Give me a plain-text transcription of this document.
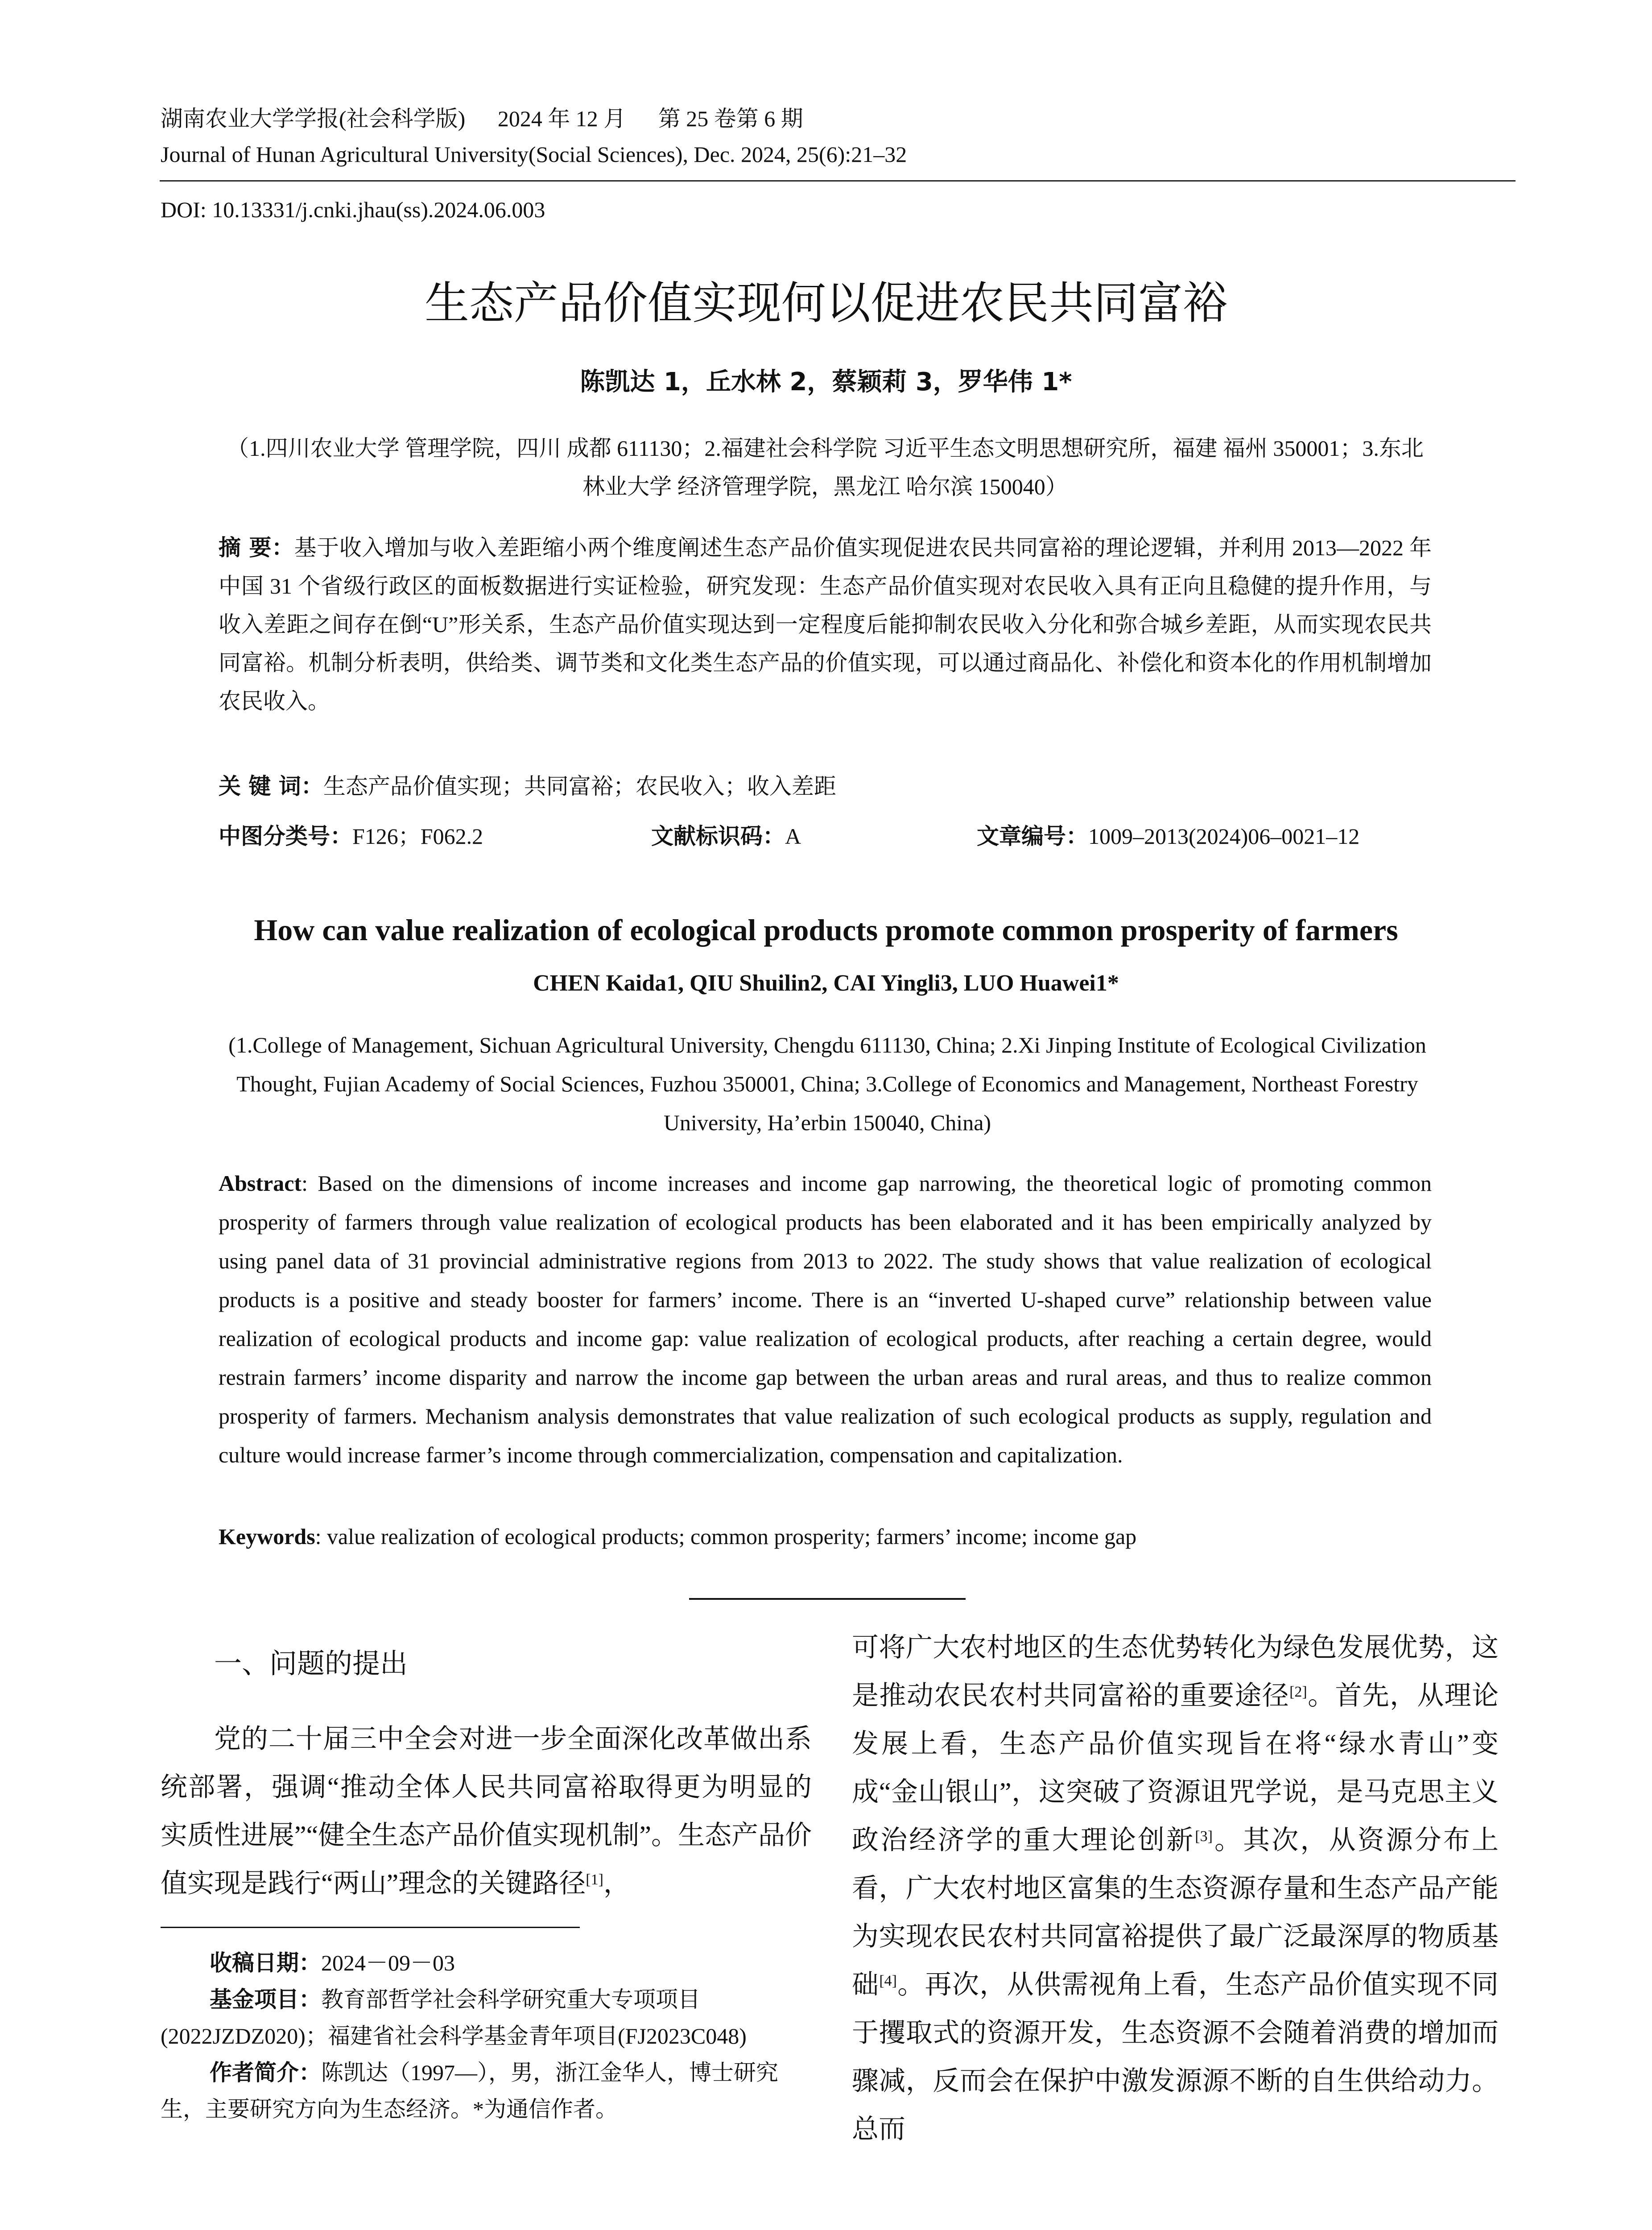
湖南农业大学学报(社会科学版) 2024 年 12 月 第 25 卷第 6 期
Journal of Hunan Agricultural University(Social Sciences), Dec. 2024, 25(6):21–32
DOI: 10.13331/j.cnki.jhau(ss).2024.06.003
生态产品价值实现何以促进农民共同富裕
陈凯达 1，丘水林 2，蔡颖莉 3，罗华伟 1*
（1.四川农业大学 管理学院，四川 成都 611130；2.福建社会科学院 习近平生态文明思想研究所，福建 福州 350001；3.东北林业大学 经济管理学院，黑龙江 哈尔滨 150040）
摘 要：基于收入增加与收入差距缩小两个维度阐述生态产品价值实现促进农民共同富裕的理论逻辑，并利用 2013—2022 年中国 31 个省级行政区的面板数据进行实证检验，研究发现：生态产品价值实现对农民收入具有正向且稳健的提升作用，与收入差距之间存在倒“U”形关系，生态产品价值实现达到一定程度后能抑制农民收入分化和弥合城乡差距，从而实现农民共同富裕。机制分析表明，供给类、调节类和文化类生态产品的价值实现，可以通过商品化、补偿化和资本化的作用机制增加农民收入。
关 键 词：生态产品价值实现；共同富裕；农民收入；收入差距
中图分类号：F126；F062.2	文献标识码：A	文章编号：1009–2013(2024)06–0021–12
How can value realization of ecological products promote common prosperity of farmers
CHEN Kaida1, QIU Shuilin2, CAI Yingli3, LUO Huawei1*
(1.College of Management, Sichuan Agricultural University, Chengdu 611130, China; 2.Xi Jinping Institute of Ecological Civilization Thought, Fujian Academy of Social Sciences, Fuzhou 350001, China; 3.College of Economics and Management, Northeast Forestry University, Ha’erbin 150040, China)
Abstract: Based on the dimensions of income increases and income gap narrowing, the theoretical logic of promoting common prosperity of farmers through value realization of ecological products has been elaborated and it has been empirically analyzed by using panel data of 31 provincial administrative regions from 2013 to 2022. The study shows that value realization of ecological products is a positive and steady booster for farmers’ income. There is an “inverted U-shaped curve” relationship between value realization of ecological products and income gap: value realization of ecological products, after reaching a certain degree, would restrain farmers’ income disparity and narrow the income gap between the urban areas and rural areas, and thus to realize common prosperity of farmers. Mechanism analysis demonstrates that value realization of such ecological products as supply, regulation and culture would increase farmer’s income through commercialization, compensation and capitalization.
Keywords: value realization of ecological products; common prosperity; farmers’ income; income gap
一、问题的提出
党的二十届三中全会对进一步全面深化改革做出系统部署，强调“推动全体人民共同富裕取得更为明显的实质性进展”“健全生态产品价值实现机制”。生态产品价值实现是践行“两山”理念的关键路径[1]，
可将广大农村地区的生态优势转化为绿色发展优势，这是推动农民农村共同富裕的重要途径[2]。首先，从理论发展上看，生态产品价值实现旨在将“绿水青山”变成“金山银山”，这突破了资源诅咒学说，是马克思主义政治经济学的重大理论创新[3]。其次，从资源分布上看，广大农村地区富集的生态资源存量和生态产品产能为实现农民农村共同富裕提供了最广泛最深厚的物质基础[4]。再次，从供需视角上看，生态产品价值实现不同于攫取式的资源开发，生态资源不会随着消费的增加而骤减，反而会在保护中激发源源不断的自生供给动力。总而

收稿日期：2024－09－03

基金项目：教育部哲学社会科学研究重大专项项目(2022JZDZ020)；福建省社会科学基金青年项目(FJ2023C048)

作者简介：陈凯达（1997—），男，浙江金华人，博士研究生，主要研究方向为生态经济。*为通信作者。
